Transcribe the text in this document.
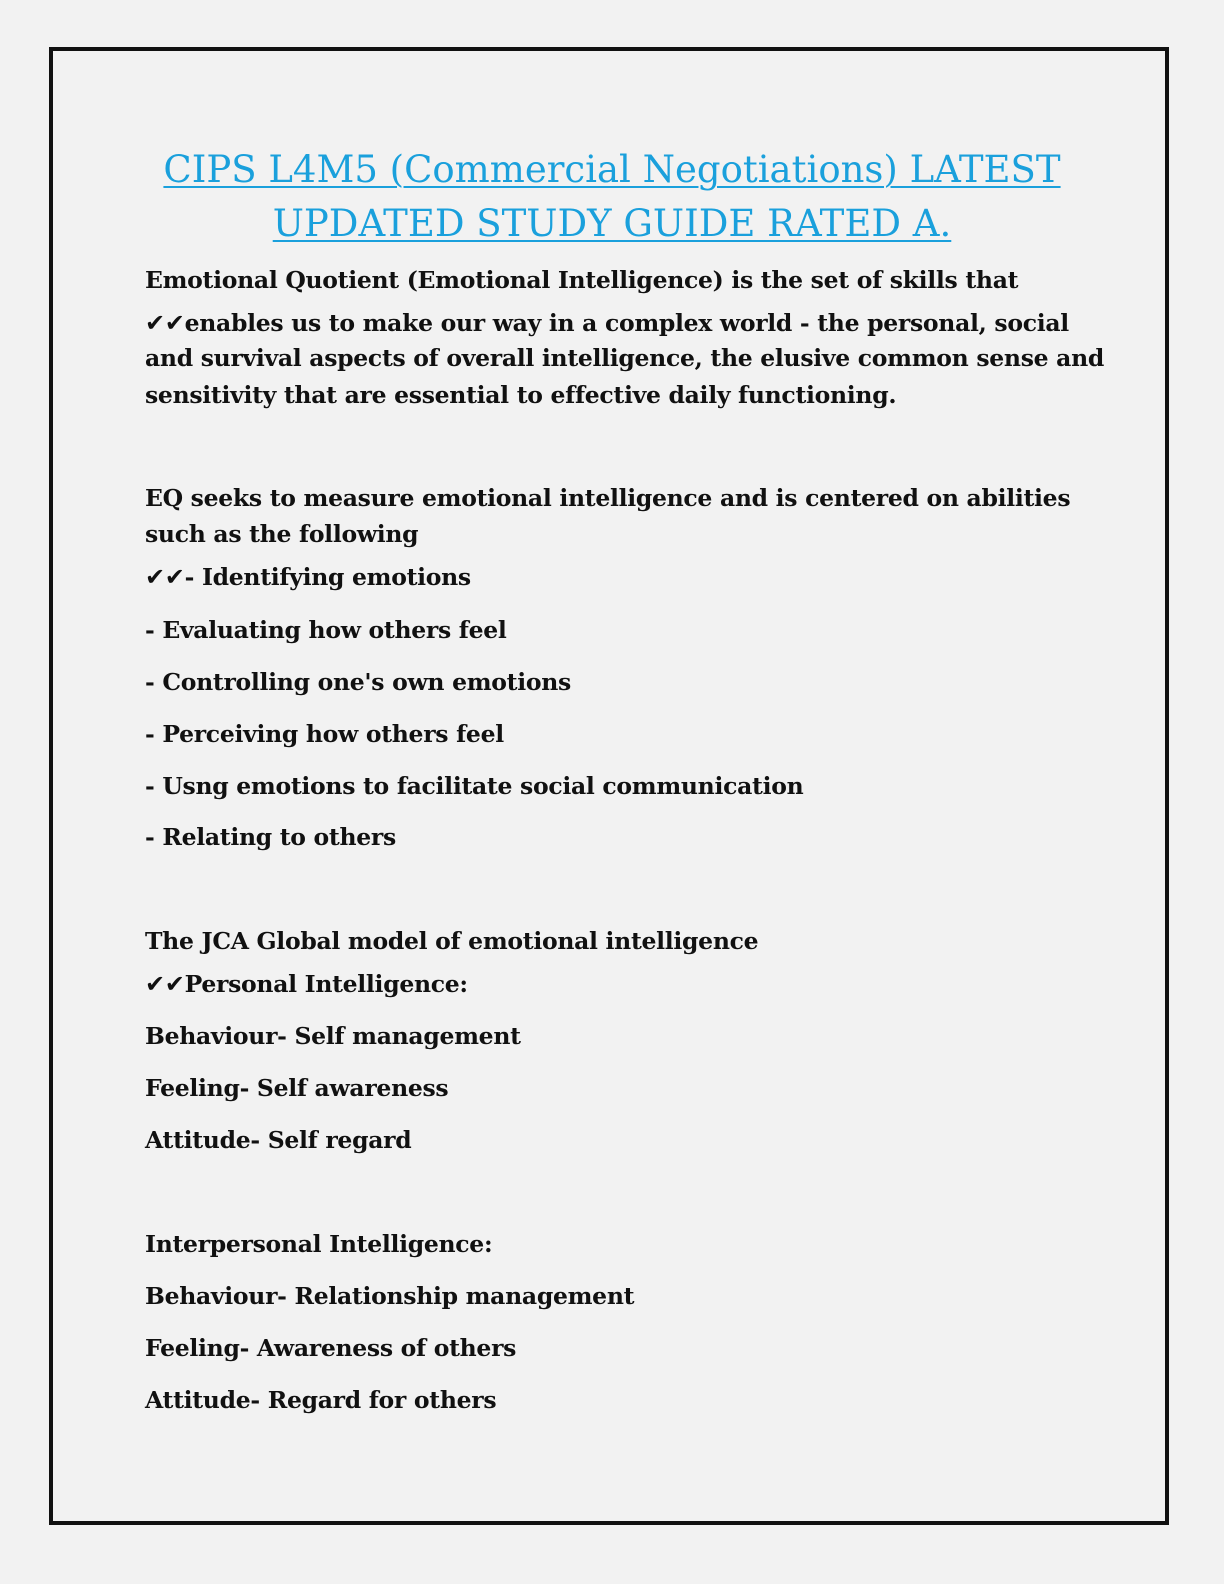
CIPS L4M5 (Commercial Negotiations) LATEST
UPDATED STUDY GUIDE RATED A.
Emotional Quotient (Emotional Intelligence) is the set of skills that
✔✔enables us to make our way in a complex world - the personal, social
and survival aspects of overall intelligence, the elusive common sense and
sensitivity that are essential to effective daily functioning.
EQ seeks to measure emotional intelligence and is centered on abilities
such as the following
✔✔- Identifying emotions
- Evaluating how others feel
- Controlling one's own emotions
- Perceiving how others feel
- Usng emotions to facilitate social communication
- Relating to others
The JCA Global model of emotional intelligence
✔✔Personal Intelligence:
Behaviour- Self management
Feeling- Self awareness
Attitude- Self regard
Interpersonal Intelligence:
Behaviour- Relationship management
Feeling- Awareness of others
Attitude- Regard for others
